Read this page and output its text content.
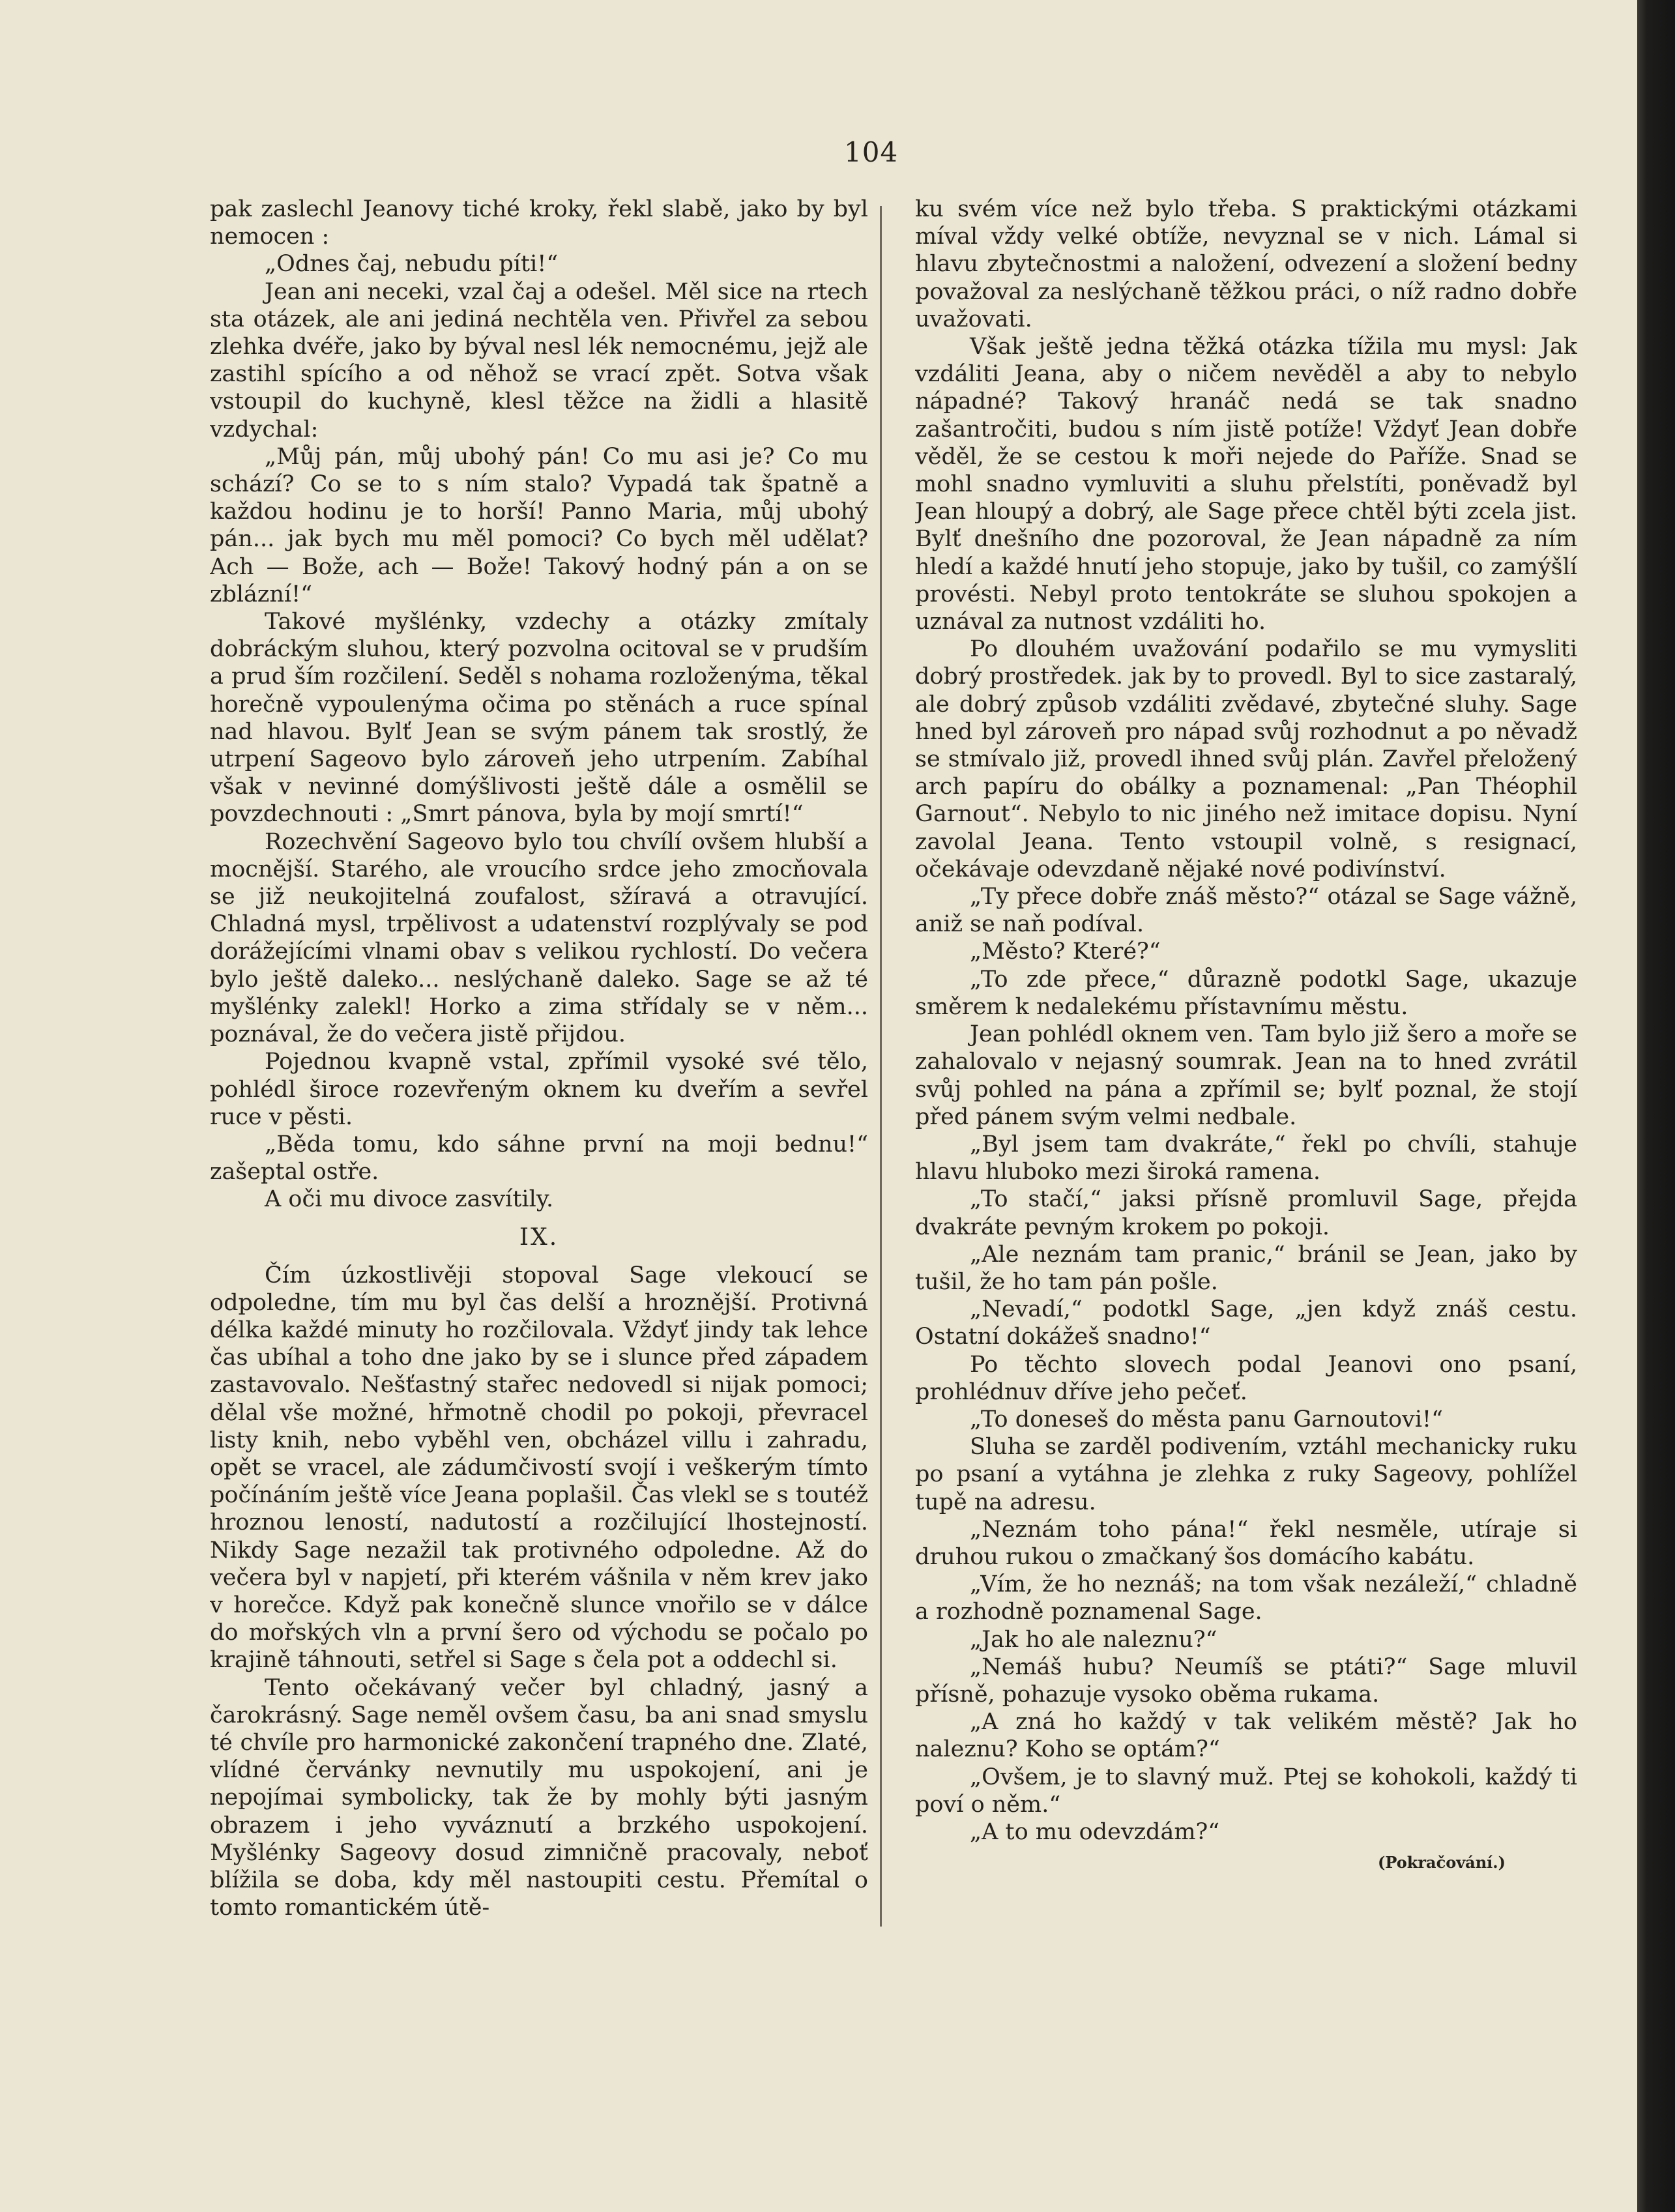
104

pak zaslechl Jeanovy tiché kroky, řekl slabě, jako by byl nemocen :

„Odnes čaj, nebudu píti!“

Jean ani neceki, vzal čaj a odešel. Měl sice na rtech sta otázek, ale ani jediná nechtěla ven. Přivřel za sebou zlehka dvéře, jako by býval nesl lék nemocnému, jejž ale zastihl spícího a od něhož se vrací zpět. Sotva však vstoupil do kuchyně, klesl těžce na židli a hlasitě vzdychal:

„Můj pán, můj ubohý pán! Co mu asi je? Co mu schází? Co se to s ním stalo? Vypadá tak špatně a každou hodinu je to horší! Panno Maria, můj ubohý pán... jak bych mu měl pomoci? Co bych měl udělat? Ach — Bože, ach — Bože! Takový hodný pán a on se zblázní!“

Takové myšlénky, vzdechy a otázky zmítaly dobráckým sluhou, který pozvolna ocitoval se v prudším a prud ším rozčilení. Seděl s nohama rozloženýma, těkal horečně vypoulenýma očima po stěnách a ruce spínal nad hlavou. Bylť Jean se svým pánem tak srostlý, že utrpení Sageovo bylo zároveň jeho utrpením. Zabíhal však v nevinné domýšlivosti ještě dále a osmělil se povzdechnouti : „Smrt pánova, byla by mojí smrtí!“

Rozechvění Sageovo bylo tou chvílí ovšem hlubší a mocnější. Starého, ale vroucího srdce jeho zmocňovala se již neukojitelná zoufalost, sžíravá a otravující. Chladná mysl, trpělivost a udatenství rozplývaly se pod dorážejícími vlnami obav s velikou rychlostí. Do večera bylo ještě daleko... neslýchaně daleko. Sage se až té myšlénky zalekl! Horko a zima střídaly se v něm... poznával, že do večera jistě přijdou.

Pojednou kvapně vstal, zpřímil vysoké své tělo, pohlédl široce rozevřeným oknem ku dveřím a sevřel ruce v pěsti.

„Běda tomu, kdo sáhne první na moji bednu!“ zašeptal ostře.

A oči mu divoce zasvítily.

IX.

Čím úzkostlivěji stopoval Sage vlekoucí se odpoledne, tím mu byl čas delší a hroznější. Protivná délka každé minuty ho rozčilovala. Vždyť jindy tak lehce čas ubíhal a toho dne jako by se i slunce před západem zastavovalo. Nešťastný stařec nedovedl si nijak pomoci; dělal vše možné, hřmotně chodil po pokoji, převracel listy knih, nebo vyběhl ven, obcházel villu i zahradu, opět se vracel, ale zádumčivostí svojí i veškerým tímto počínáním ještě více Jeana poplašil. Čas vlekl se s toutéž hroznou leností, nadutostí a rozčilující lhostejností. Nikdy Sage nezažil tak protivného odpoledne. Až do večera byl v napjetí, při kterém vášnila v něm krev jako v horečce. Když pak konečně slunce vnořilo se v dálce do mořských vln a první šero od východu se počalo po krajině táhnouti, setřel si Sage s čela pot a oddechl si.

Tento očekávaný večer byl chladný, jasný a čarokrásný. Sage neměl ovšem času, ba ani snad smyslu té chvíle pro harmonické zakončení trapného dne. Zlaté, vlídné červánky nevnutily mu uspokojení, ani je nepojímai symbolicky, tak že by mohly býti jasným obrazem i jeho vyváznutí a brzkého uspokojení. Myšlénky Sageovy dosud zimničně pracovaly, neboť blížila se doba, kdy měl nastoupiti cestu. Přemítal o tomto romantickém útě-

ku svém více než bylo třeba. S praktickými otázkami míval vždy velké obtíže, nevyznal se v nich. Lámal si hlavu zbytečnostmi a naložení, odvezení a složení bedny považoval za neslýchaně těžkou práci, o níž radno dobře uvažovati.

Však ještě jedna těžká otázka tížila mu mysl: Jak vzdáliti Jeana, aby o ničem nevěděl a aby to nebylo nápadné? Takový hranáč nedá se tak snadno zašantročiti, budou s ním jistě potíže! Vždyť Jean dobře věděl, že se cestou k moři nejede do Paříže. Snad se mohl snadno vymluviti a sluhu přelstíti, poněvadž byl Jean hloupý a dobrý, ale Sage přece chtěl býti zcela jist. Bylť dnešního dne pozoroval, že Jean nápadně za ním hledí a každé hnutí jeho stopuje, jako by tušil, co zamýšlí provésti. Nebyl proto tentokráte se sluhou spokojen a uznával za nutnost vzdáliti ho.

Po dlouhém uvažování podařilo se mu vymysliti dobrý prostředek. jak by to provedl. Byl to sice zastaralý, ale dobrý způsob vzdáliti zvědavé, zbytečné sluhy. Sage hned byl zároveň pro nápad svůj rozhodnut a po něvadž se stmívalo již, provedl ihned svůj plán. Zavřel přeložený arch papíru do obálky a poznamenal: „Pan Théophil Garnout“. Nebylo to nic jiného než imitace dopisu. Nyní zavolal Jeana. Tento vstoupil volně, s resignací, očekávaje odevzdaně nějaké nové podivínství.

„Ty přece dobře znáš město?“ otázal se Sage vážně, aniž se naň podíval.

„Město? Které?“

„To zde přece,“ důrazně podotkl Sage, ukazuje směrem k nedalekému přístavnímu městu.

Jean pohlédl oknem ven. Tam bylo již šero a moře se zahalovalo v nejasný soumrak. Jean na to hned zvrátil svůj pohled na pána a zpřímil se; bylť poznal, že stojí před pánem svým velmi nedbale.

„Byl jsem tam dvakráte,“ řekl po chvíli, stahuje hlavu hluboko mezi široká ramena.

„To stačí,“ jaksi přísně promluvil Sage, přejda dvakráte pevným krokem po pokoji.

„Ale neznám tam pranic,“ bránil se Jean, jako by tušil, že ho tam pán pošle.

„Nevadí,“ podotkl Sage, „jen když znáš cestu. Ostatní dokážeš snadno!“

Po těchto slovech podal Jeanovi ono psaní, prohlédnuv dříve jeho pečeť.

„To doneseš do města panu Garnoutovi!“

Sluha se zarděl podivením, vztáhl mechanicky ruku po psaní a vytáhna je zlehka z ruky Sageovy, pohlížel tupě na adresu.

„Neznám toho pána!“ řekl nesměle, utíraje si druhou rukou o zmačkaný šos domácího kabátu.

„Vím, že ho neznáš; na tom však nezáleží,“ chladně a rozhodně poznamenal Sage.

„Jak ho ale naleznu?“

„Nemáš hubu? Neumíš se ptáti?“ Sage mluvil přísně, pohazuje vysoko oběma rukama.

„A zná ho každý v tak velikém městě? Jak ho naleznu? Koho se optám?“

„Ovšem, je to slavný muž. Ptej se kohokoli, každý ti poví o něm.“

„A to mu odevzdám?“

(Pokračování.)
